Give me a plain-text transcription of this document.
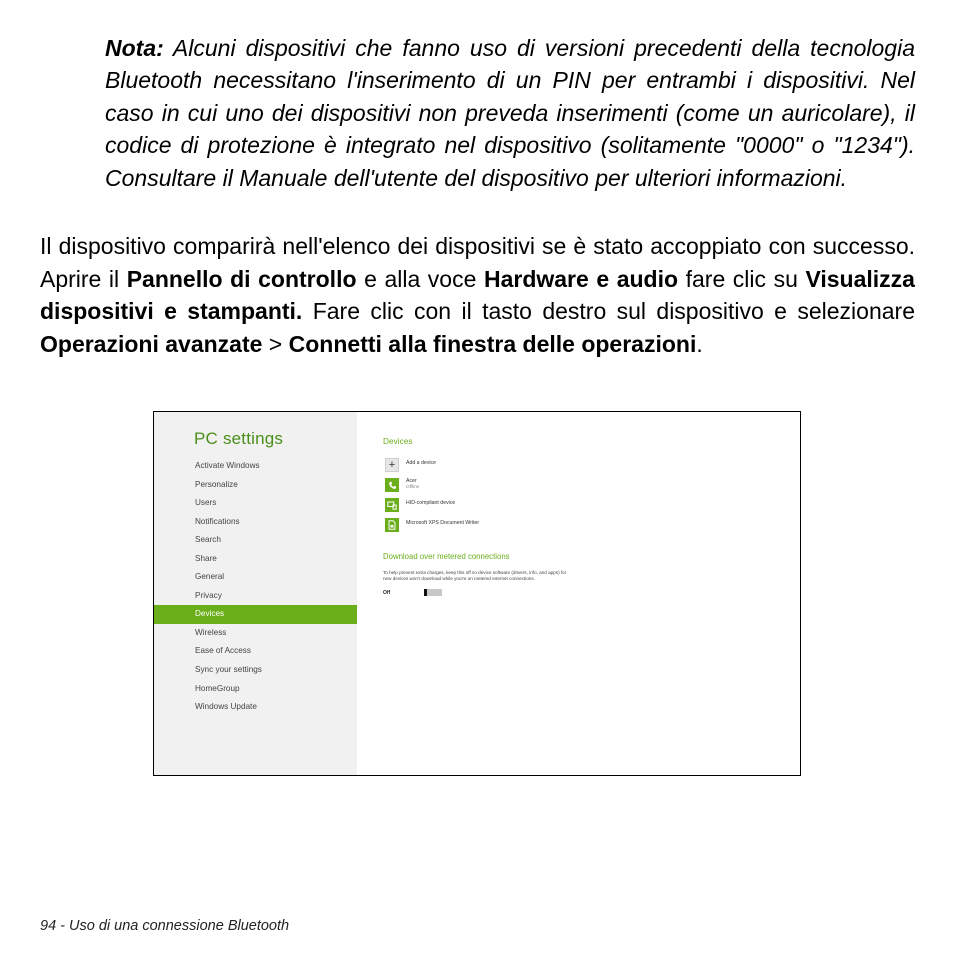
Nota: Alcuni dispositivi che fanno uso di versioni precedenti della tecnologia Bluetooth necessitano l'inserimento di un PIN per entrambi i dispositivi. Nel caso in cui uno dei dispositivi non preveda inserimenti (come un auricolare), il codice di protezione è integrato nel dispositivo (solitamente "0000" o "1234"). Consultare il Manuale dell'utente del dispositivo per ulteriori informazioni.
Il dispositivo comparirà nell'elenco dei dispositivi se è stato accoppiato con successo. Aprire il Pannello di controllo e alla voce Hardware e audio fare clic su Visualizza dispositivi e stampanti. Fare clic con il tasto destro sul dispositivo e selezionare Operazioni avanzate > Connetti alla finestra delle operazioni.
PC settings
Activate Windows
Personalize
Users
Notifications
Search
Share
General
Privacy
Devices
Wireless
Ease of Access
Sync your settings
HomeGroup
Windows Update
Devices
+	Add a device
Acer
Offline
HID-compliant device
Microsoft XPS Document Writer
Download over metered connections
To help prevent extra charges, keep this off so device software (drivers, info, and apps) for new devices won't download while you're on metered Internet connections.
Off
94 - Uso di una connessione Bluetooth
